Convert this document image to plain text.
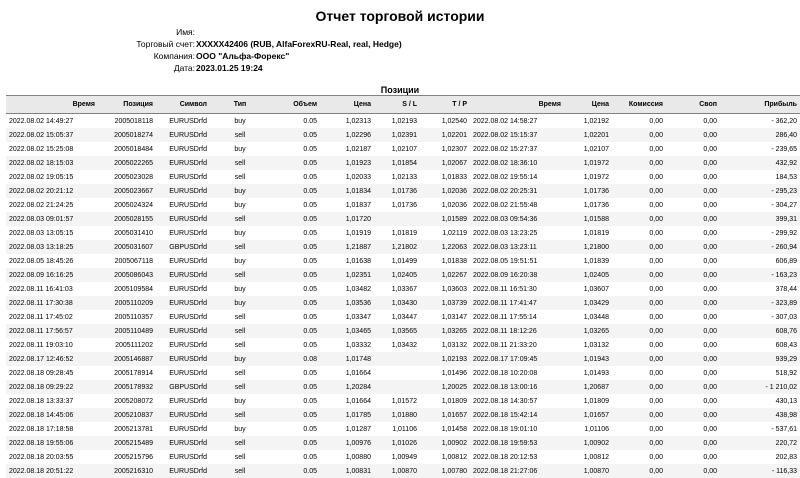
Отчет торговой истории
Имя:
Торговый счет: XXXXX42406 (RUB, AlfaForexRU-Real, real, Hedge)
Компания: ООО "Альфа-Форекс"
Дата: 2023.01.25 19:24
Позиции
Время	Позиция	Символ	Тип	Объем	Цена	S / L	T / P	Время	Цена	Комиссия	Своп	Прибыль
2022.08.02 14:49:27	2005018118	EURUSDrfd	buy	0.05	1,02313	1,02193	1,02540	2022.08.02 14:58:27	1,02192	0,00	0,00	- 362,20
2022.08.02 15:05:37	2005018274	EURUSDrfd	sell	0.05	1,02296	1,02391	1,02201	2022.08.02 15:15:37	1,02201	0,00	0,00	286,40
2022.08.02 15:25:08	2005018484	EURUSDrfd	buy	0.05	1,02187	1,02107	1,02307	2022.08.02 15:27:37	1,02107	0,00	0,00	- 239,65
2022.08.02 18:15:03	2005022265	EURUSDrfd	sell	0.05	1,01923	1,01854	1,02067	2022.08.02 18:36:10	1,01972	0,00	0,00	432,92
2022.08.02 19:05:15	2005023028	EURUSDrfd	sell	0.05	1,02033	1,02133	1,01833	2022.08.02 19:55:14	1,01972	0,00	0,00	184,53
2022.08.02 20:21:12	2005023667	EURUSDrfd	buy	0.05	1,01834	1,01736	1,02036	2022.08.02 20:25:31	1,01736	0,00	0,00	- 295,23
2022.08.02 21:24:25	2005024324	EURUSDrfd	buy	0.05	1,01837	1,01736	1,02036	2022.08.02 21:55:48	1,01736	0,00	0,00	- 304,27
2022.08.03 09:01:57	2005028155	EURUSDrfd	sell	0.05	1,01720		1,01589	2022.08.03 09:54:36	1,01588	0,00	0,00	399,31
2022.08.03 13:05:15	2005031410	EURUSDrfd	buy	0.05	1,01919	1,01819	1,02119	2022.08.03 13:23:25	1,01819	0,00	0,00	- 299,92
2022.08.03 13:18:25	2005031607	GBPUSDrfd	sell	0.05	1,21887	1,21802	1,22063	2022.08.03 13:23:11	1,21800	0,00	0,00	- 260,94
2022.08.05 18:45:26	2005067118	EURUSDrfd	buy	0.05	1,01638	1,01499	1,01838	2022.08.05 19:51:51	1,01839	0,00	0,00	606,89
2022.08.09 16:16:25	2005086043	EURUSDrfd	sell	0.05	1,02351	1,02405	1,02267	2022.08.09 16:20:38	1,02405	0,00	0,00	- 163,23
2022.08.11 16:41:03	2005109584	EURUSDrfd	buy	0.05	1,03482	1,03367	1,03603	2022.08.11 16:51:30	1,03607	0,00	0,00	378,44
2022.08.11 17:30:38	2005110209	EURUSDrfd	buy	0.05	1,03536	1,03430	1,03739	2022.08.11 17:41:47	1,03429	0,00	0,00	- 323,89
2022.08.11 17:45:02	2005110357	EURUSDrfd	sell	0.05	1,03347	1,03447	1,03147	2022.08.11 17:55:14	1,03448	0,00	0,00	- 307,03
2022.08.11 17:56:57	2005110489	EURUSDrfd	sell	0.05	1,03465	1,03565	1,03265	2022.08.11 18:12:26	1,03265	0,00	0,00	608,76
2022.08.11 19:03:10	2005111202	EURUSDrfd	sell	0.05	1,03332	1,03432	1,03132	2022.08.11 21:33:20	1,03132	0,00	0,00	608,43
2022.08.17 12:46:52	2005146887	EURUSDrfd	buy	0.08	1,01748		1,02193	2022.08.17 17:09:45	1,01943	0,00	0,00	939,29
2022.08.18 09:28:45	2005178914	EURUSDrfd	sell	0.05	1,01664		1,01496	2022.08.18 10:20:08	1,01493	0,00	0,00	518,92
2022.08.18 09:29:22	2005178932	GBPUSDrfd	sell	0.05	1,20284		1,20025	2022.08.18 13:00:16	1,20687	0,00	0,00	- 1 210,02
2022.08.18 13:33:37	2005208072	EURUSDrfd	buy	0.05	1,01664	1,01572	1,01809	2022.08.18 14:30:57	1,01809	0,00	0,00	430,13
2022.08.18 14:45:06	2005210837	EURUSDrfd	sell	0.05	1,01785	1,01880	1,01657	2022.08.18 15:42:14	1,01657	0,00	0,00	438,98
2022.08.18 17:18:58	2005213781	EURUSDrfd	buy	0.05	1,01287	1,01106	1,01458	2022.08.18 19:01:10	1,01106	0,00	0,00	- 537,61
2022.08.18 19:55:06	2005215489	EURUSDrfd	sell	0.05	1,00976	1,01026	1,00902	2022.08.18 19:59:53	1,00902	0,00	0,00	220,72
2022.08.18 20:03:55	2005215796	EURUSDrfd	sell	0.05	1,00880	1,00949	1,00812	2022.08.18 20:12:53	1,00812	0,00	0,00	202,83
2022.08.18 20:51:22	2005216310	EURUSDrfd	sell	0.05	1,00831	1,00870	1,00780	2022.08.18 21:27:06	1,00870	0,00	0,00	- 116,33
